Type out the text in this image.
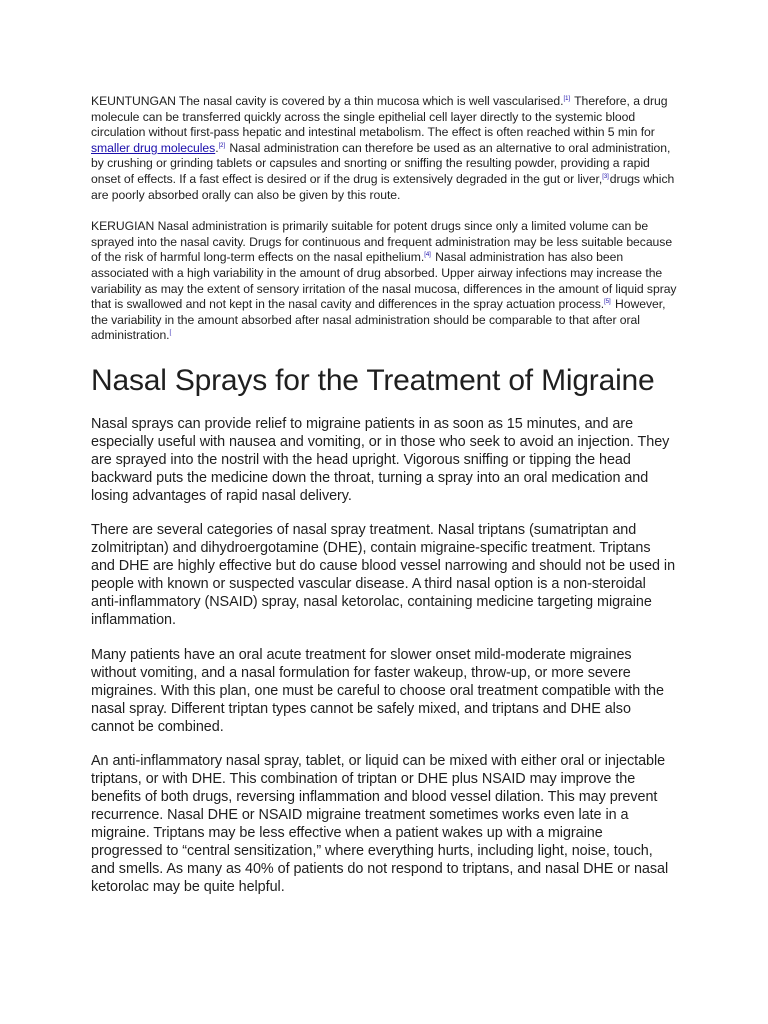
KEUNTUNGAN The nasal cavity is covered by a thin mucosa which is well vascularised.[1] Therefore, a drug molecule can be transferred quickly across the single epithelial cell layer directly to the systemic blood circulation without first-pass hepatic and intestinal metabolism. The effect is often reached within 5 min for smaller drug molecules.[2] Nasal administration can therefore be used as an alternative to oral administration, by crushing or grinding tablets or capsules and snorting or sniffing the resulting powder, providing a rapid onset of effects. If a fast effect is desired or if the drug is extensively degraded in the gut or liver,[3]drugs which are poorly absorbed orally can also be given by this route.

KERUGIAN Nasal administration is primarily suitable for potent drugs since only a limited volume can be sprayed into the nasal cavity. Drugs for continuous and frequent administration may be less suitable because of the risk of harmful long-term effects on the nasal epithelium.[4] Nasal administration has also been associated with a high variability in the amount of drug absorbed. Upper airway infections may increase the variability as may the extent of sensory irritation of the nasal mucosa, differences in the amount of liquid spray that is swallowed and not kept in the nasal cavity and differences in the spray actuation process.[5] However, the variability in the amount absorbed after nasal administration should be comparable to that after oral administration.[

Nasal Sprays for the Treatment of Migraine

Nasal sprays can provide relief to migraine patients in as soon as 15 minutes, and are especially useful with nausea and vomiting, or in those who seek to avoid an injection. They are sprayed into the nostril with the head upright. Vigorous sniffing or tipping the head backward puts the medicine down the throat, turning a spray into an oral medication and losing advantages of rapid nasal delivery.

There are several categories of nasal spray treatment. Nasal triptans (sumatriptan and zolmitriptan) and dihydroergotamine (DHE), contain migraine-specific treatment. Triptans and DHE are highly effective but do cause blood vessel narrowing and should not be used in people with known or suspected vascular disease. A third nasal option is a non-steroidal anti-inflammatory (NSAID) spray, nasal ketorolac, containing medicine targeting migraine inflammation.

Many patients have an oral acute treatment for slower onset mild-moderate migraines without vomiting, and a nasal formulation for faster wakeup, throw-up, or more severe migraines. With this plan, one must be careful to choose oral treatment compatible with the nasal spray. Different triptan types cannot be safely mixed, and triptans and DHE also cannot be combined.

An anti-inflammatory nasal spray, tablet, or liquid can be mixed with either oral or injectable triptans, or with DHE. This combination of triptan or DHE plus NSAID may improve the benefits of both drugs, reversing inflammation and blood vessel dilation. This may prevent recurrence. Nasal DHE or NSAID migraine treatment sometimes works even late in a migraine. Triptans may be less effective when a patient wakes up with a migraine progressed to “central sensitization,” where everything hurts, including light, noise, touch, and smells. As many as 40% of patients do not respond to triptans, and nasal DHE or nasal ketorolac may be quite helpful.
